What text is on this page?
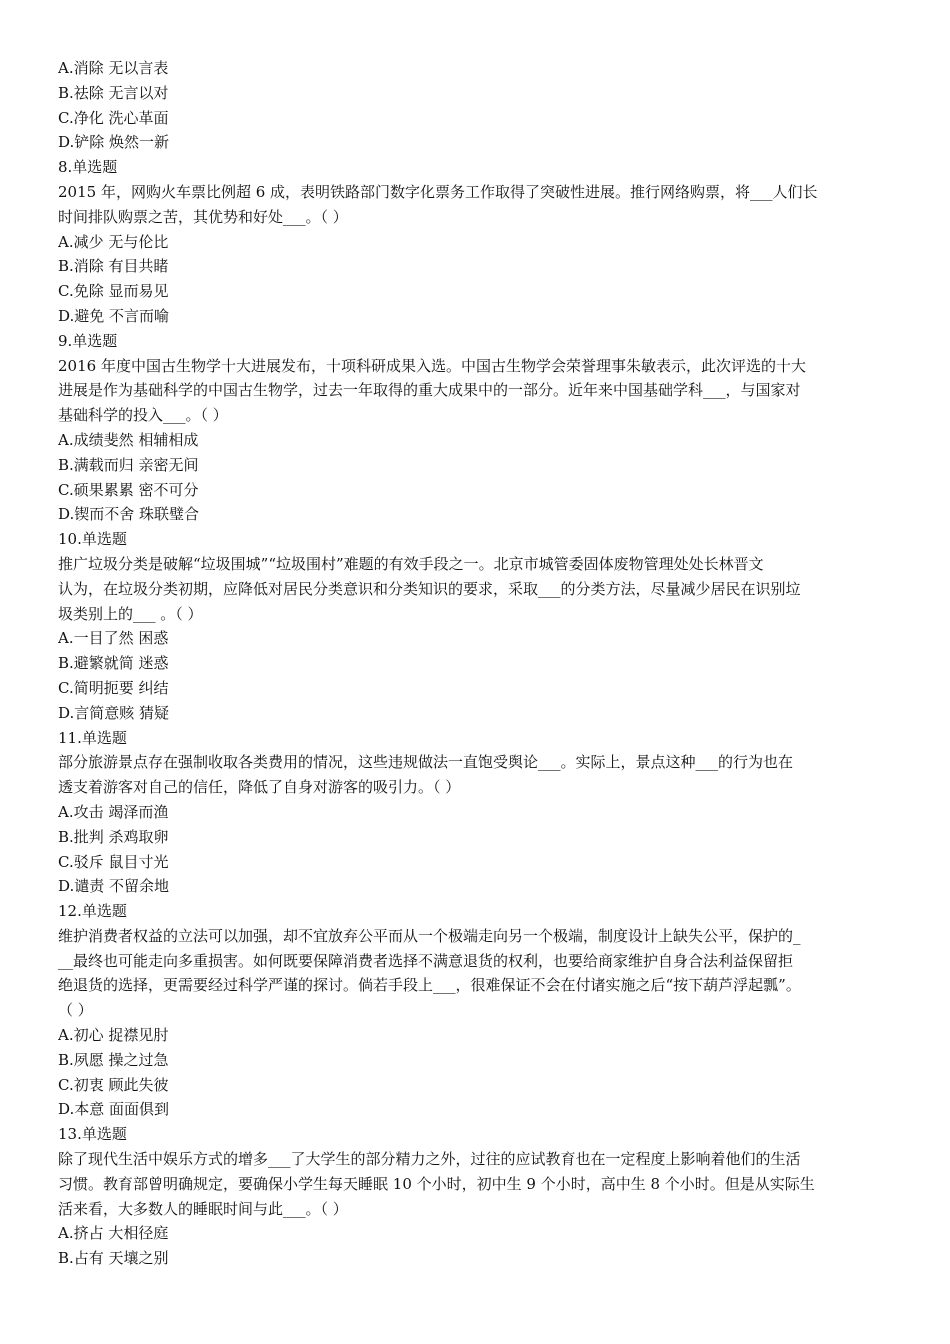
A.消除 无以言表
B.祛除 无言以对
C.净化 洗心革面
D.铲除 焕然一新
8.单选题
2015 年，网购火车票比例超 6 成，表明铁路部门数字化票务工作取得了突破性进展。推行网络购票，将___人们长
时间排队购票之苦，其优势和好处___。（ ）
A.减少 无与伦比
B.消除 有目共睹
C.免除 显而易见
D.避免 不言而喻
9.单选题
2016 年度中国古生物学十大进展发布，十项科研成果入选。中国古生物学会荣誉理事朱敏表示，此次评选的十大
进展是作为基础科学的中国古生物学，过去一年取得的重大成果中的一部分。近年来中国基础学科___，与国家对
基础科学的投入___。（ ）
A.成绩斐然 相辅相成
B.满载而归 亲密无间
C.硕果累累 密不可分
D.锲而不舍 珠联璧合
10.单选题
推广垃圾分类是破解“垃圾围城”“垃圾围村”难题的有效手段之一。北京市城管委固体废物管理处处长林晋文
认为，在垃圾分类初期，应降低对居民分类意识和分类知识的要求，采取___的分类方法，尽量减少居民在识别垃
圾类别上的___ 。（ ）
A.一目了然 困惑
B.避繁就简 迷惑
C.简明扼要 纠结
D.言简意赅 猜疑
11.单选题
部分旅游景点存在强制收取各类费用的情况，这些违规做法一直饱受舆论___。实际上，景点这种___的行为也在
透支着游客对自己的信任，降低了自身对游客的吸引力。（ ）
A.攻击 竭泽而渔
B.批判 杀鸡取卵
C.驳斥 鼠目寸光
D.谴责 不留余地
12.单选题
维护消费者权益的立法可以加强，却不宜放弃公平而从一个极端走向另一个极端，制度设计上缺失公平，保护的_
__最终也可能走向多重损害。如何既要保障消费者选择不满意退货的权利，也要给商家维护自身合法利益保留拒
绝退货的选择，更需要经过科学严谨的探讨。倘若手段上___，很难保证不会在付诸实施之后“按下葫芦浮起瓢”。
（ ）
A.初心 捉襟见肘
B.夙愿 操之过急
C.初衷 顾此失彼
D.本意 面面俱到
13.单选题
除了现代生活中娱乐方式的增多___了大学生的部分精力之外，过往的应试教育也在一定程度上影响着他们的生活
习惯。教育部曾明确规定，要确保小学生每天睡眠 10 个小时，初中生 9 个小时，高中生 8 个小时。但是从实际生
活来看，大多数人的睡眠时间与此___。（ ）
A.挤占 大相径庭
B.占有 天壤之别
